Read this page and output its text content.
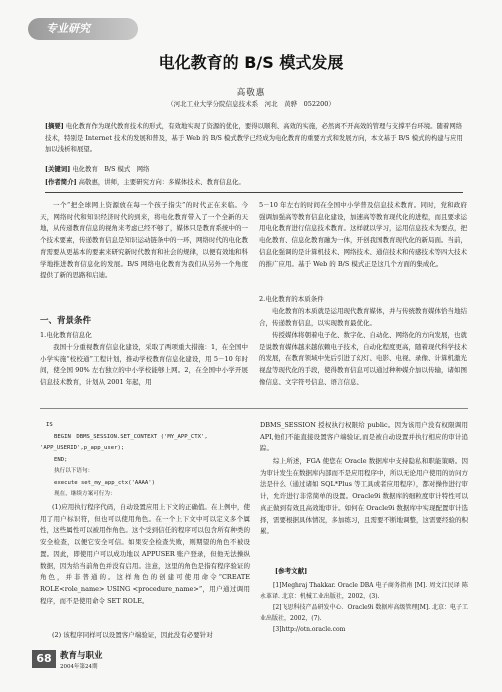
专业研究
电化教育的 B/S 模式发展
高敬惠
（河北工业大学分院信息技术系　河北　黄骅　052200）
[摘要] 电化教育作为现代教育技术的形式，有效地实现了资源的优化，要得以顺利、高效的实施，必然离不开高效的管理与支撑平台环境。随着网络技术，特别是 Internet 技术的发展和普及，基于 Web 的 B/S 模式教学已经成为电化教育的重要方式和发展方向，本文基于 B/S 模式的构建与应用加以浅析和展望。
[关键词] 电化教育　B/S 模式　网络
[作者简介] 高敬惠，讲师，主要研究方向：多媒体技术、教育信息化。
一个“把全球网上资源放在每一个孩子指尖”的时代正在来临。今天，网络时代和知识经济时代的到来，将电化教育带入了一个全新的天地，从传递教育信息的视角来考虑已经不够了，媒体只是教育系统中的一个技术要素，传递教育信息是知识运动链条中的一环，网络时代的电化教育需要从更基本的要素来研究新时代教育和社会的规律，以便有效地和科学地推进教育信息化的发展。B/S 网络电化教育为我们从另外一个角度提供了新的思路和启迪。
一、背景条件
1.电化教育信息化
我国十分重视教育信息化建设，采取了两项重大措施：1，在全国中小学实施“校校通”工程计划，推动学校教育信息化建设，用 5－10 年时间，使全国 90% 左右独立的中小学校能够上网。2，在全国中小学开展信息技术教育，计划从 2001 年起，用
5－10 年左右的时间在全国中小学普及信息技术教育。同时，党和政府强调加强高等教育信息化建设，加速高等教育现代化的进程，而且要求运用电化教育进行信息技术教育。这样就以学习，运用信息技术为要点，把电化教育、信息化教育融为一体，开创我国教育现代化的新局面。当前，信息化强调的是计算机技术、网络技术、通信技术和传感技术等四大技术的推广应用。基于 Web 的 B/S 模式正是这几个方面的集成化。
2.电化教育的本质条件
电化教育的本质就是运用现代教育媒体，并与传统教育媒体恰当地结合，传递教育信息，以实现教育最优化。
传授媒体将朝着电子化、数字化、自动化、网络化的方向发展，也就是说教育媒体越来越依赖电子技术，自动化程度更高，随着现代科学技术的发展，在教育领域中先后引进了幻灯、电影、电视、录像、计算机激光视盘等现代化的手段，使得教育信息可以通过种种媒介加以传输，诸如图像信息、文字符号信息、语言信息、
IS
BEGIN　DBMS_SESSION.SET_CONTEXT ('MY_APP_CTX',
'APP_USERID',p_app_user);
END;
执行以下语句：
execute set_my_app_ctx('AAAA')
现在，继续方案可行为：
(1)应用执行程序代码，自动设置应用上下文的正确值。在上例中，使用了用户标识符，但也可以使用角色。在一个上下文中可以定义多个属性，这些属性可以被用作角色。这个受到信任的程序可以包含所有种类的安全检查，以便它安全可信。如果安全检查失败，则期望的角色不被设置。因此，即使用户可以成功地以 APPUSER 账户登录，但他无法操纵数据，因为给当前角色并没有启用。注意，这里的角色是指有程序验证的角色，并非普通的。这样角色的创建可使用命令“CREATE ROLE<role_name> USING <procedure_name>”，用户通过调用程序，而不是使用命令 SET ROLE。
(2) 该程序同样可以设置客户端验证，因此没有必要针对
DBMS_SESSION 授权执行权限给 public。因为该用户没有权限调用 API,他们不能直接设置客户端验证,而是被自动设置并执行相应的审计追踪。
综上所述，FGA 使您在 Oracle 数据库中支持隐私和职能策略。因为审计发生在数据库内部而不是应用程序中，所以无论用户使用的访问方法是什么（通过诸如 SQL*Plus 等工具或者应用程序），都对操作进行审计，允许进行非常简单的设置。Oracle9i 数据库的细粒度审计特性可以真正做到有效且高效地审计。如何在 Oracle9i 数据库中实现配置审计选择，需要根据具体情况，多加练习，且需要不断地调整，这需要经验的积累。
[参考文献]
[1]Meghraj Thakkar. Oracle DBA 电子商务指南 [M]. 周文江民译 陈永革译. 北京：机械工业出版社，2002，(3).
[2]飞思科技产品研发中心．Oracle9i 数据库高级管理[M]. 北京：电子工业出版社，2002，(7).
[3]http://otn.oracle.com
68 教育与职业
2004年第24期
